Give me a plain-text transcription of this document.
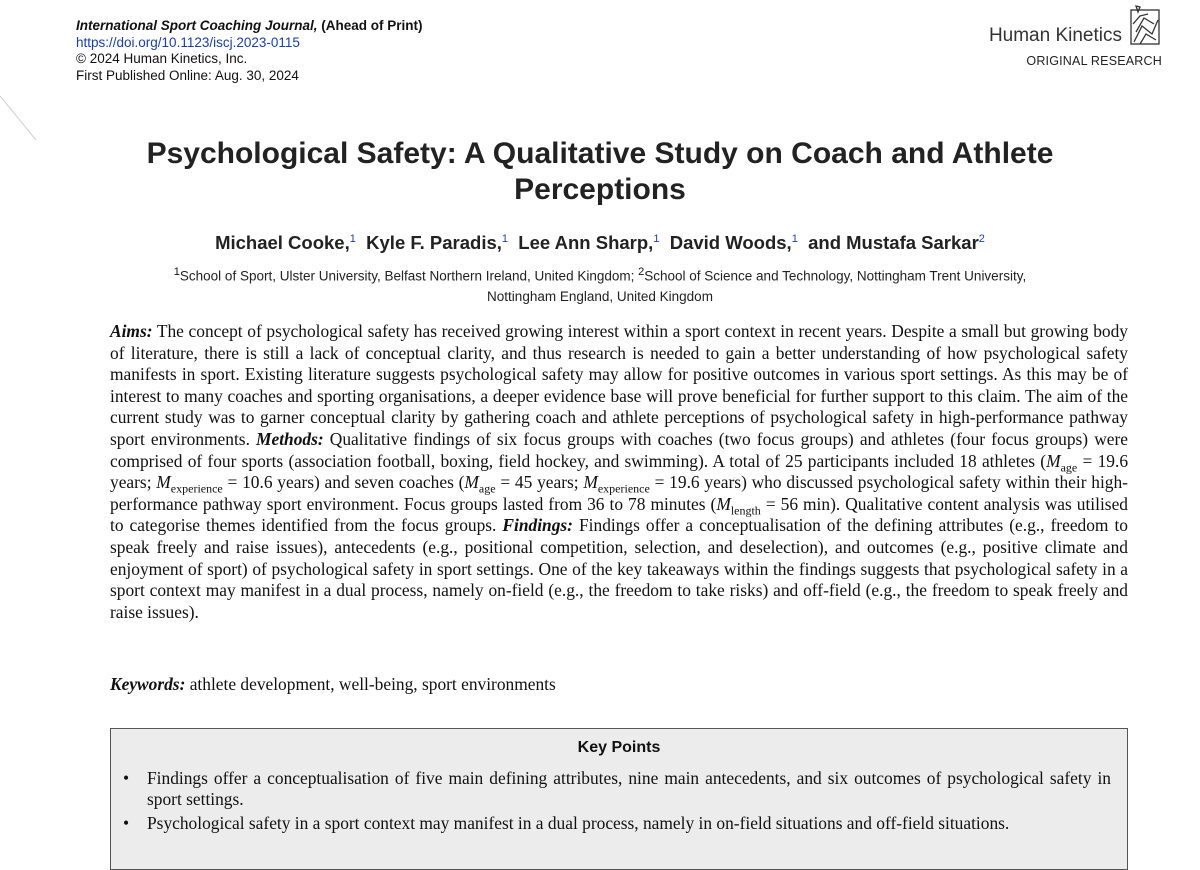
International Sport Coaching Journal, (Ahead of Print)
https://doi.org/10.1123/iscj.2023-0115
© 2024 Human Kinetics, Inc.
First Published Online: Aug. 30, 2024
Human Kinetics
ORIGINAL RESEARCH
Psychological Safety: A Qualitative Study on Coach and Athlete Perceptions
Michael Cooke,$^1$ Kyle F. Paradis,$^1$ Lee Ann Sharp,$^1$ David Woods,$^1$ and Mustafa Sarkar$^2$
$^1$School of Sport, Ulster University, Belfast Northern Ireland, United Kingdom; $^2$School of Science and Technology, Nottingham Trent University,
Nottingham England, United Kingdom
Aims: The concept of psychological safety has received growing interest within a sport context in recent years. Despite a small but growing body of literature, there is still a lack of conceptual clarity, and thus research is needed to gain a better understanding of how psychological safety manifests in sport. Existing literature suggests psychological safety may allow for positive outcomes in various sport settings. As this may be of interest to many coaches and sporting organisations, a deeper evidence base will prove beneficial for further support to this claim. The aim of the current study was to garner conceptual clarity by gathering coach and athlete perceptions of psychological safety in high-performance pathway sport environments. Methods: Qualitative findings of six focus groups with coaches (two focus groups) and athletes (four focus groups) were comprised of four sports (association football, boxing, field hockey, and swimming). A total of 25 participants included 18 athletes ($M_{age} = 19.6$ years; $M_{experience} = 10.6$ years) and seven coaches ($M_{age} = 45$ years; $M_{experience} = 19.6$ years) who discussed psychological safety within their high-performance pathway sport environment. Focus groups lasted from 36 to 78 minutes ($M_{length} = 56$ min). Qualitative content analysis was utilised to categorise themes identified from the focus groups. Findings: Findings offer a conceptualisation of the defining attributes (e.g., freedom to speak freely and raise issues), antecedents (e.g., positional competition, selection, and deselection), and outcomes (e.g., positive climate and enjoyment of sport) of psychological safety in sport settings. One of the key takeaways within the findings suggests that psychological safety in a sport context may manifest in a dual process, namely on-field (e.g., the freedom to take risks) and off-field (e.g., the freedom to speak freely and raise issues).
Keywords: athlete development, well-being, sport environments
Key Points
• Findings offer a conceptualisation of five main defining attributes, nine main antecedents, and six outcomes of psychological safety in sport settings.
• Psychological safety in a sport context may manifest in a dual process, namely in on-field situations and off-field situations.
